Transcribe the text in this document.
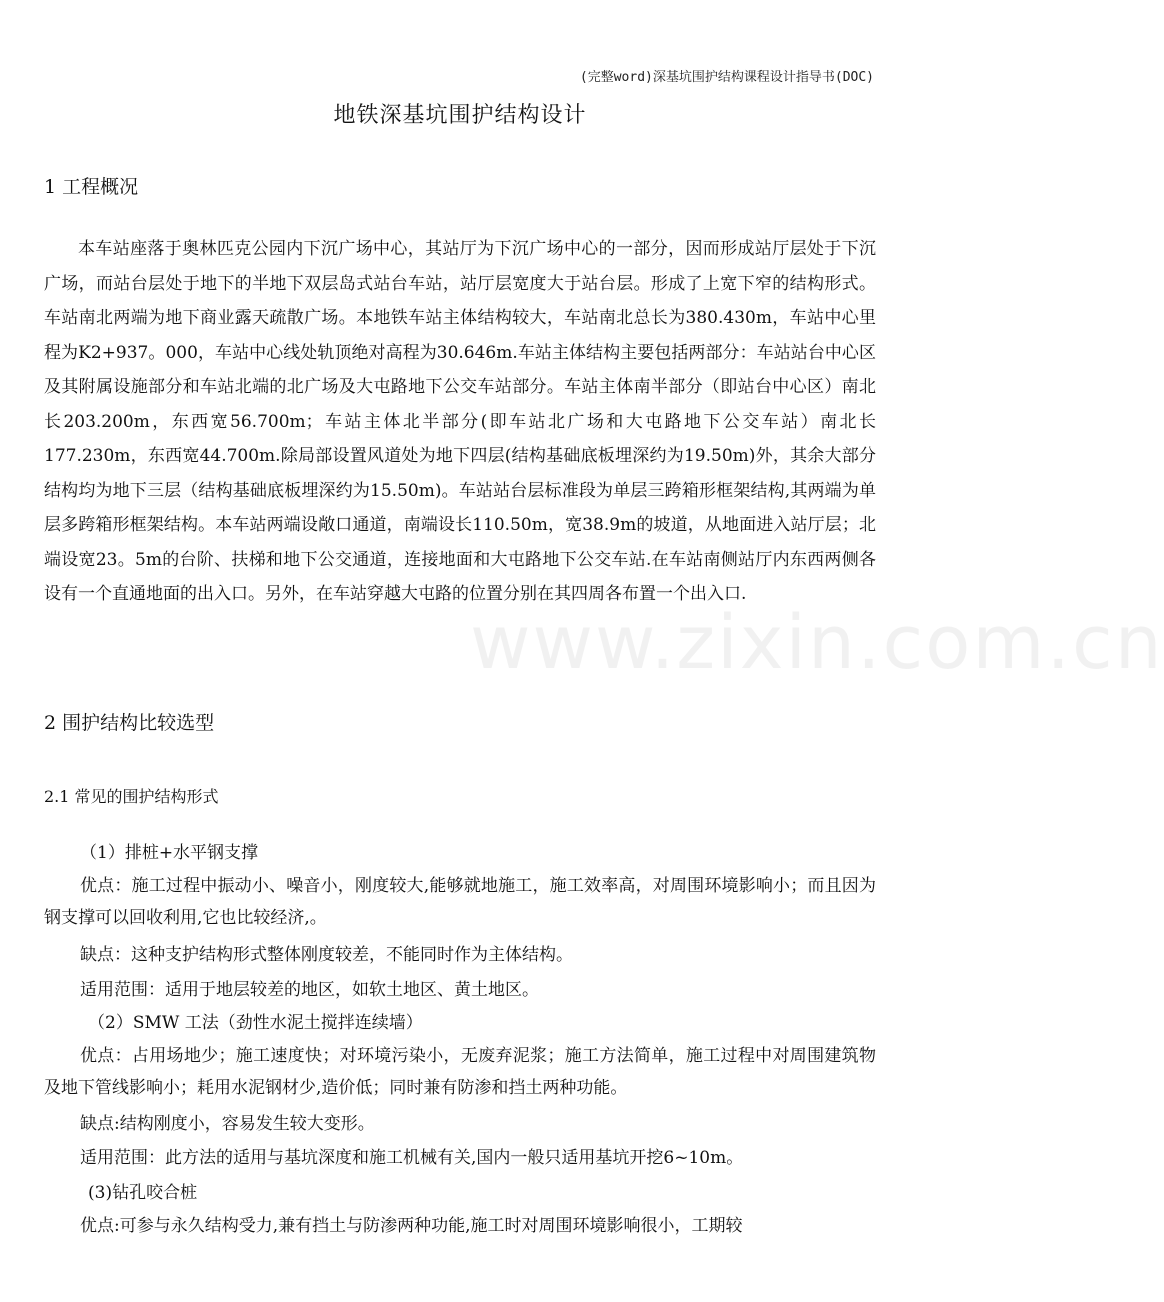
(完整word)深基坑围护结构课程设计指导书(DOC)
地铁深基坑围护结构设计
1 工程概况
本车站座落于奥林匹克公园内下沉广场中心，其站厅为下沉广场中心的一部分，因而形成站厅层处于下沉广场，而站台层处于地下的半地下双层岛式站台车站，站厅层宽度大于站台层。形成了上宽下窄的结构形式。车站南北两端为地下商业露天疏散广场。本地铁车站主体结构较大，车站南北总长为380.430m，车站中心里程为K2+937。000，车站中心线处轨顶绝对高程为30.646m.车站主体结构主要包括两部分：车站站台中心区及其附属设施部分和车站北端的北广场及大屯路地下公交车站部分。车站主体南半部分（即站台中心区）南北长203.200m，东西宽56.700m；车站主体北半部分(即车站北广场和大屯路地下公交车站）南北长177.230m，东西宽44.700m.除局部设置风道处为地下四层(结构基础底板埋深约为19.50m)外，其余大部分结构均为地下三层（结构基础底板埋深约为15.50m)。车站站台层标准段为单层三跨箱形框架结构,其两端为单层多跨箱形框架结构。本车站两端设敞口通道，南端设长110.50m，宽38.9m的坡道，从地面进入站厅层；北端设宽23。5m的台阶、扶梯和地下公交通道，连接地面和大屯路地下公交车站.在车站南侧站厅内东西两侧各设有一个直通地面的出入口。另外，在车站穿越大屯路的位置分别在其四周各布置一个出入口.
2 围护结构比较选型
2.1 常见的围护结构形式
（1）排桩+水平钢支撑
优点：施工过程中振动小、噪音小，刚度较大,能够就地施工，施工效率高，对周围环境影响小；而且因为钢支撑可以回收利用,它也比较经济,。
缺点：这种支护结构形式整体刚度较差，不能同时作为主体结构。
适用范围：适用于地层较差的地区，如软土地区、黄土地区。
（2）SMW 工法（劲性水泥土搅拌连续墙）
优点：占用场地少；施工速度快；对环境污染小，无废弃泥浆；施工方法简单，施工过程中对周围建筑物及地下管线影响小；耗用水泥钢材少,造价低；同时兼有防渗和挡土两种功能。
缺点:结构刚度小，容易发生较大变形。
适用范围：此方法的适用与基坑深度和施工机械有关,国内一般只适用基坑开挖6~10m。
(3)钻孔咬合桩
优点:可参与永久结构受力,兼有挡土与防渗两种功能,施工时对周围环境影响很小，工期较
www.zixin.com.cn
